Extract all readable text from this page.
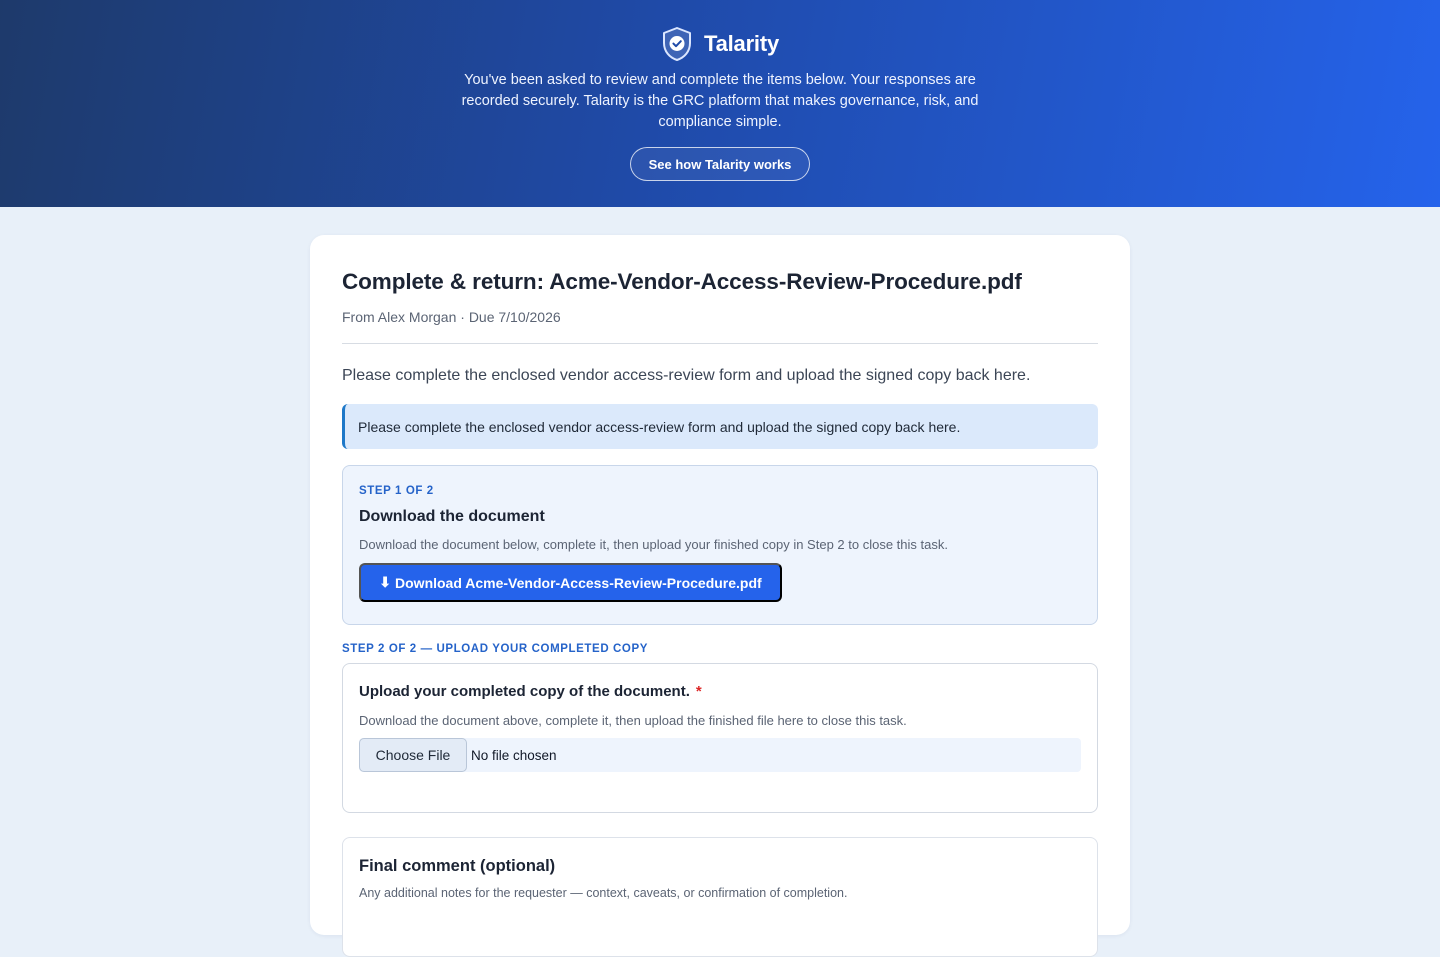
Talarity

You've been asked to review and complete the items below. Your responses are recorded securely. Talarity is the GRC platform that makes governance, risk, and compliance simple.

See how Talarity works
Complete & return: Acme-Vendor-Access-Review-Procedure.pdf
From Alex Morgan · Due 7/10/2026

Please complete the enclosed vendor access-review form and upload the signed copy back here.

Please complete the enclosed vendor access-review form and upload the signed copy back here.
STEP 1 OF 2
Download the document

Download the document below, complete it, then upload your finished copy in Step 2 to close this task.

⬇ Download Acme-Vendor-Access-Review-Procedure.pdf
STEP 2 OF 2 — UPLOAD YOUR COMPLETED COPY
Upload your completed copy of the document. *

Download the document above, complete it, then upload the finished file here to close this task.

Choose File	No file chosen
Final comment (optional)

Any additional notes for the requester — context, caveats, or confirmation of completion.
